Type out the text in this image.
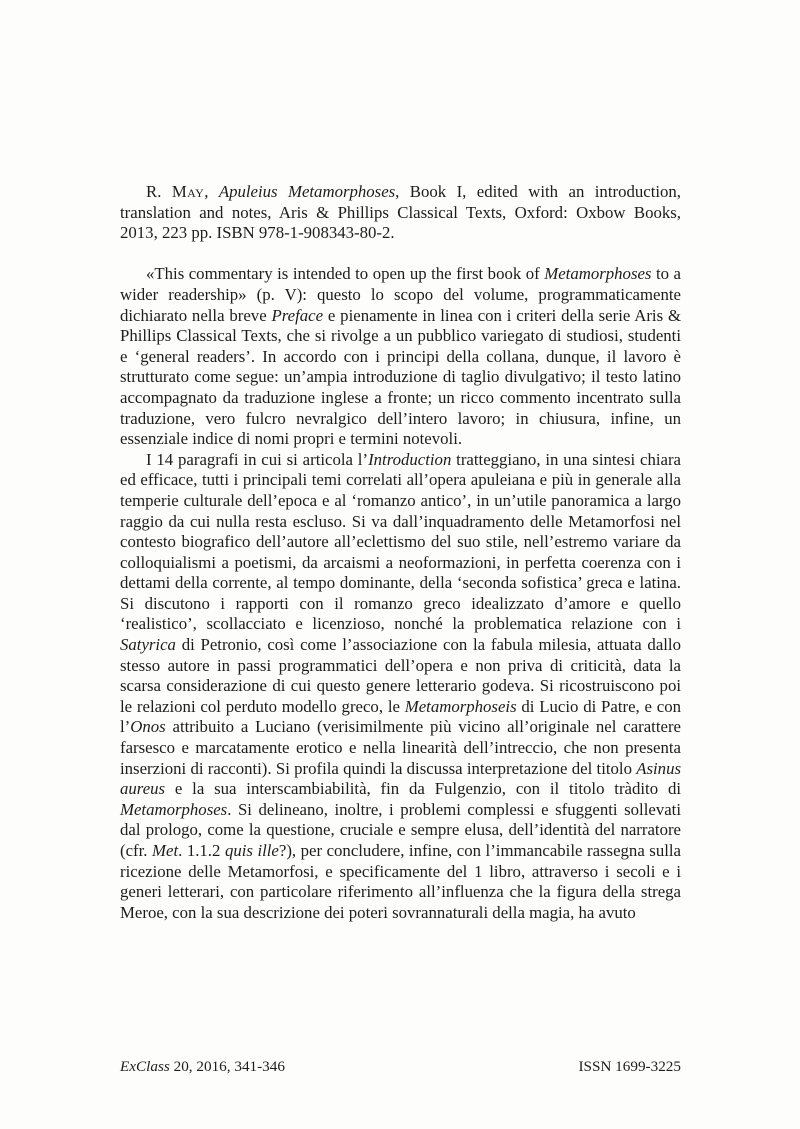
R. May, Apuleius Metamorphoses, Book I, edited with an introduction, translation and notes, Aris & Phillips Classical Texts, Oxford: Oxbow Books, 2013, 223 pp. ISBN 978-1-908343-80-2.

«This commentary is intended to open up the first book of Metamorphoses to a wider readership» (p. V): questo lo scopo del volume, programmaticamente dichiarato nella breve Preface e pienamente in linea con i criteri della serie Aris & Phillips Classical Texts, che si rivolge a un pubblico variegato di studiosi, studenti e ‘general readers’. In accordo con i principi della collana, dunque, il lavoro è strutturato come segue: un’ampia introduzione di taglio divulgativo; il testo latino accompagnato da traduzione inglese a fronte; un ricco commento incentrato sulla traduzione, vero fulcro nevralgico dell’intero lavoro; in chiusura, infine, un essenziale indice di nomi propri e termini notevoli.

I 14 paragrafi in cui si articola l’Introduction tratteggiano, in una sintesi chiara ed efficace, tutti i principali temi correlati all’opera apuleiana e più in generale alla temperie culturale dell’epoca e al ‘romanzo antico’, in un’utile panoramica a largo raggio da cui nulla resta escluso. Si va dall’inquadramento delle Metamorfosi nel contesto biografico dell’autore all’eclettismo del suo stile, nell’estremo variare da colloquialismi a poetismi, da arcaismi a neoformazioni, in perfetta coerenza con i dettami della corrente, al tempo dominante, della ‘seconda sofistica’ greca e latina. Si discutono i rapporti con il romanzo greco idealizzato d’amore e quello ‘realistico’, scollacciato e licenzioso, nonché la problematica relazione con i Satyrica di Petronio, così come l’associazione con la fabula milesia, attuata dallo stesso autore in passi programmatici dell’opera e non priva di criticità, data la scarsa considerazione di cui questo genere letterario godeva. Si ricostruiscono poi le relazioni col perduto modello greco, le Metamorphoseis di Lucio di Patre, e con l’Onos attribuito a Luciano (verisimilmente più vicino all’originale nel carattere farsesco e marcatamente erotico e nella linearità dell’intreccio, che non presenta inserzioni di racconti). Si profila quindi la discussa interpretazione del titolo Asinus aureus e la sua interscambiabilità, fin da Fulgenzio, con il titolo tràdito di Metamorphoses. Si delineano, inoltre, i problemi complessi e sfuggenti sollevati dal prologo, come la questione, cruciale e sempre elusa, dell’identità del narratore (cfr. Met. 1.1.2 quis ille?), per concludere, infine, con l’immancabile rassegna sulla ricezione delle Metamorfosi, e specificamente del 1 libro, attraverso i secoli e i generi letterari, con particolare riferimento all’influenza che la figura della strega Meroe, con la sua descrizione dei poteri sovrannaturali della magia, ha avuto

ExClass 20, 2016, 341-346	ISSN 1699-3225
